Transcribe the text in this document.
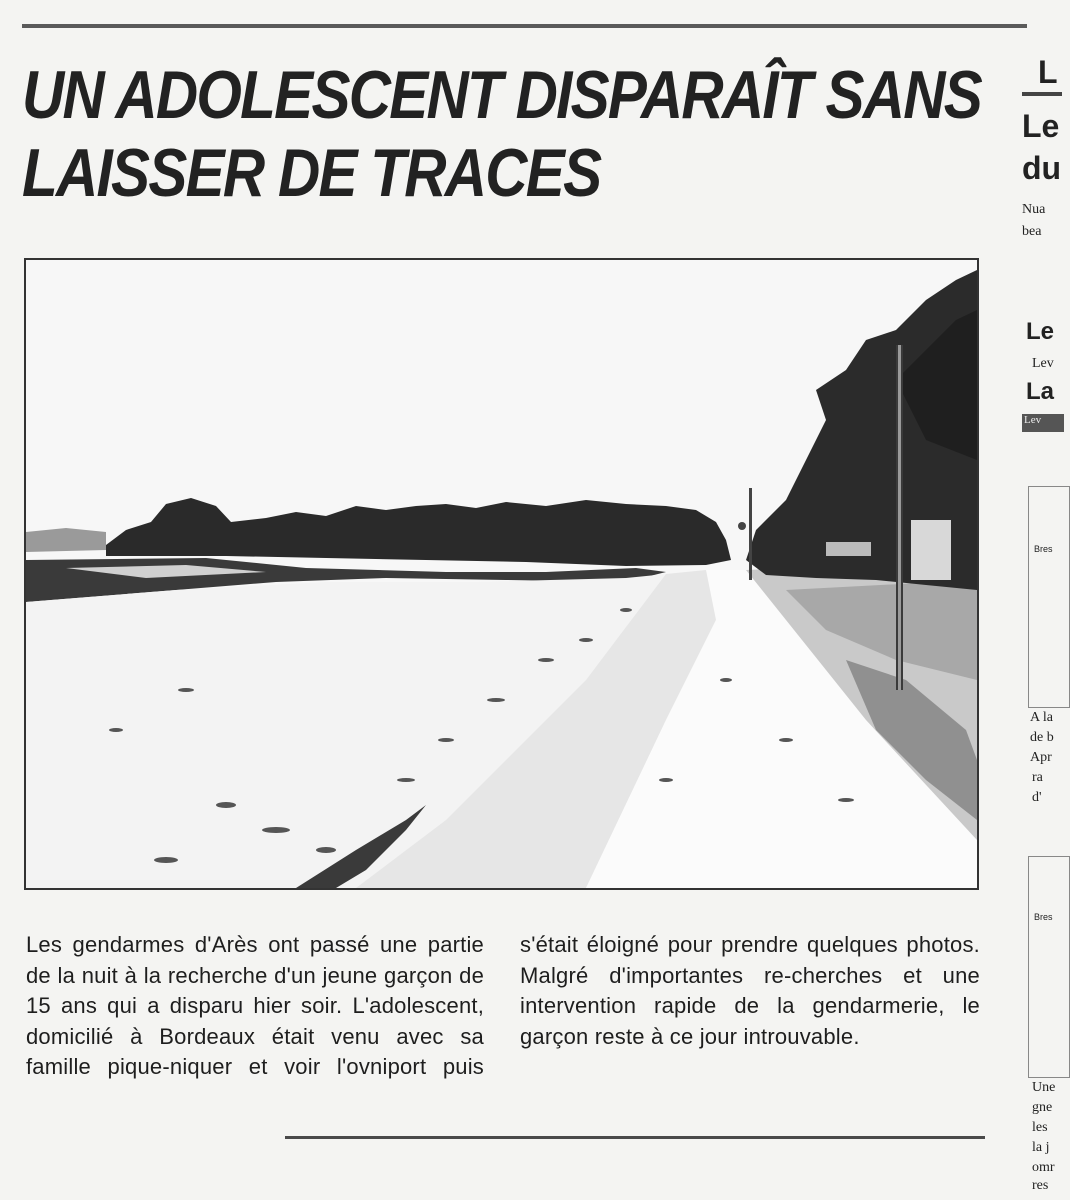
UN ADOLESCENT DISPARAÎT SANS
LAISSER DE TRACES

Les gendarmes d'Arès ont passé une partie de la nuit à la recherche d'un jeune garçon de 15 ans qui a disparu hier soir. L'adolescent, domicilié à Bordeaux était venu avec sa famille pique-niquer et voir l'ovniport puis

s'était éloigné pour prendre quelques photos. Malgré d'importantes re-cherches et une intervention rapide de la gendarmerie, le garçon reste à ce jour introuvable.

L
Le
du
Nua
bea
Le
Lev
La
Lev
Bres
A la
de b
Apr
ra
d'
Bres
Une
gne
les
la j
omr
res
